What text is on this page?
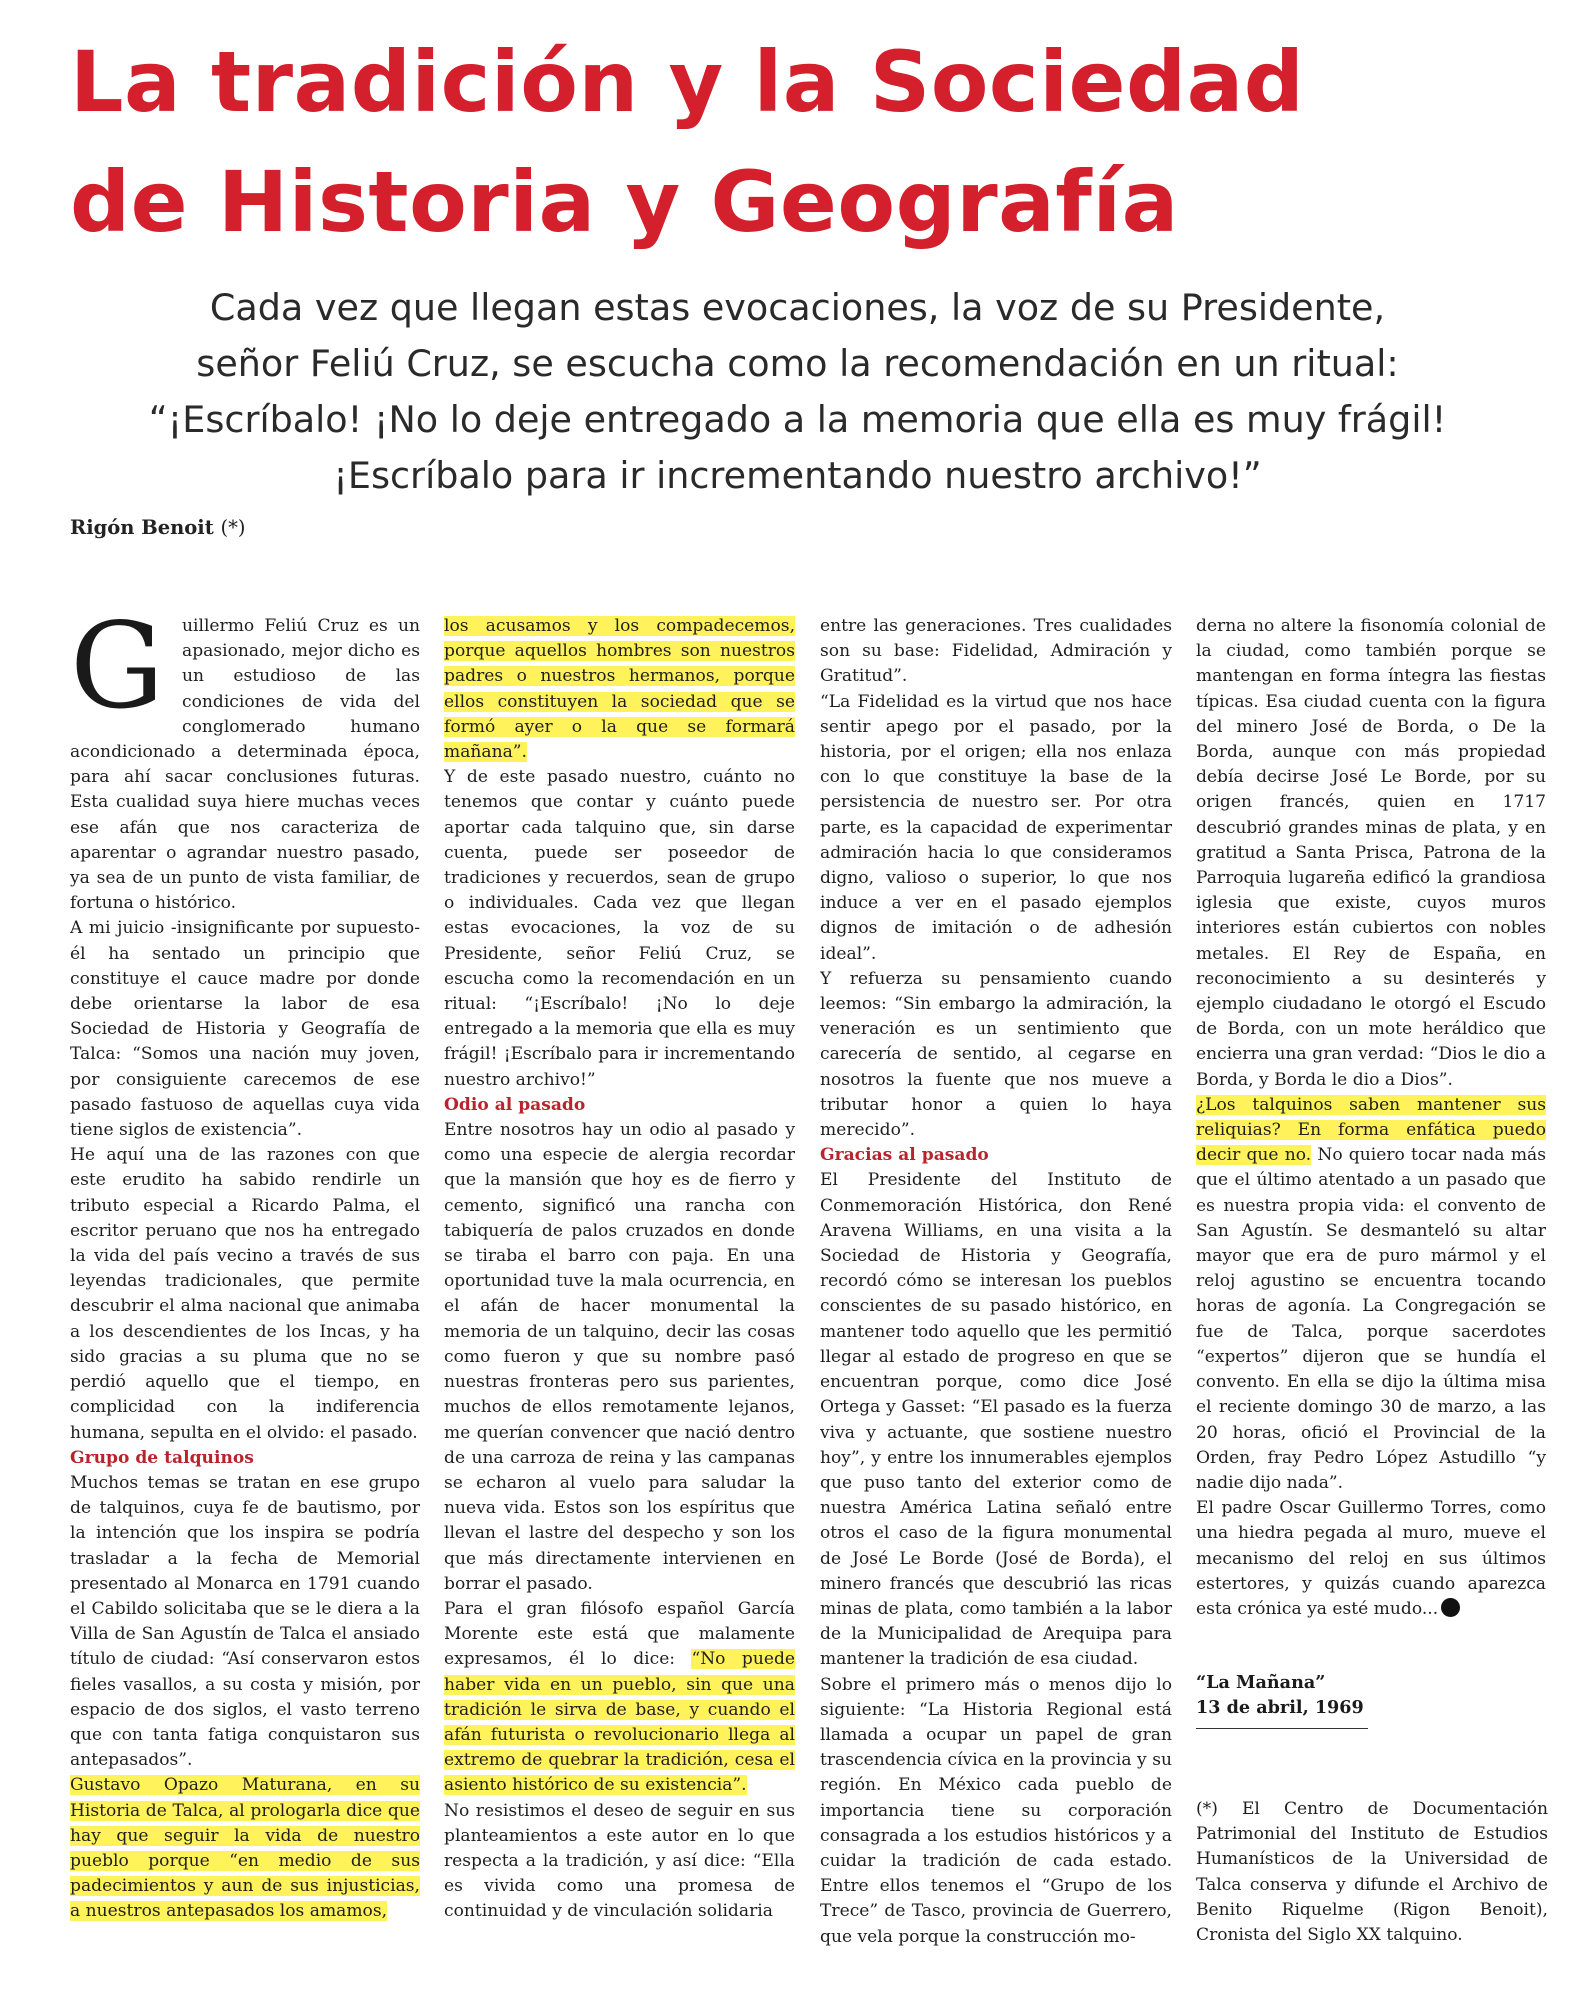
La tradición y la Sociedad
de Historia y Geografía
Cada vez que llegan estas evocaciones, la voz de su Presidente,
señor Feliú Cruz, se escucha como la recomendación en un ritual:
“¡Escríbalo! ¡No lo deje entregado a la memoria que ella es muy frágil!
¡Escríbalo para ir incrementando nuestro archivo!”
Rigón Benoit (*)

G	uillermo Feliú Cruz es un apasionado, mejor dicho es un estudioso de las condiciones de vida del conglomerado humano acondicionado a determinada época, para ahí sacar conclusiones futuras. Esta cualidad suya hiere muchas veces ese afán que nos caracteriza de aparentar o agrandar nuestro pasado, ya sea de un punto de vista familiar, de fortuna o histórico.

A mi juicio -insignificante por supuesto- él ha sentado un principio que constituye el cauce madre por donde debe orientarse la labor de esa Sociedad de Historia y Geografía de Talca: “Somos una nación muy joven, por consiguiente carecemos de ese pasado fastuoso de aquellas cuya vida tiene siglos de existencia”.

He aquí una de las razones con que este erudito ha sabido rendirle un tributo especial a Ricardo Palma, el escritor peruano que nos ha entregado la vida del país vecino a través de sus leyendas tradicionales, que permite descubrir el alma nacional que animaba a los descendientes de los Incas, y ha sido gracias a su pluma que no se perdió aquello que el tiempo, en complicidad con la indiferencia humana, sepulta en el olvido: el pasado.

Grupo de talquinos

Muchos temas se tratan en ese grupo de talquinos, cuya fe de bautismo, por la intención que los inspira se podría trasladar a la fecha de Memorial presentado al Monarca en 1791 cuando el Cabildo solicitaba que se le diera a la Villa de San Agustín de Talca el ansiado título de ciudad: “Así conservaron estos fieles vasallos, a su costa y misión, por espacio de dos siglos, el vasto terreno que con tanta fatiga conquistaron sus antepasados”.

Gustavo Opazo Maturana, en su Historia de Talca, al prologarla dice que hay que seguir la vida de nuestro pueblo porque “en medio de sus padecimientos y aun de sus injusticias, a nuestros antepasados los amamos,

los acusamos y los compadecemos, porque aquellos hombres son nuestros padres o nuestros hermanos, porque ellos constituyen la sociedad que se formó ayer o la que se formará mañana”.

Y de este pasado nuestro, cuánto no tenemos que contar y cuánto puede aportar cada talquino que, sin darse cuenta, puede ser poseedor de tradiciones y recuerdos, sean de grupo o individuales. Cada vez que llegan estas evocaciones, la voz de su Presidente, señor Feliú Cruz, se escucha como la recomendación en un ritual: “¡Escríbalo! ¡No lo deje entregado a la memoria que ella es muy frágil! ¡Escríbalo para ir incrementando nuestro archivo!”

Odio al pasado

Entre nosotros hay un odio al pasado y como una especie de alergia recordar que la mansión que hoy es de fierro y cemento, significó una rancha con tabiquería de palos cruzados en donde se tiraba el barro con paja. En una oportunidad tuve la mala ocurrencia, en el afán de hacer monumental la memoria de un talquino, decir las cosas como fueron y que su nombre pasó nuestras fronteras pero sus parientes, muchos de ellos remotamente lejanos, me querían convencer que nació dentro de una carroza de reina y las campanas se echaron al vuelo para saludar la nueva vida. Estos son los espíritus que llevan el lastre del despecho y son los que más directamente intervienen en borrar el pasado.

Para el gran filósofo español García Morente este está que malamente expresamos, él lo dice: “No puede haber vida en un pueblo, sin que una tradición le sirva de base, y cuando el afán futurista o revolucionario llega al extremo de quebrar la tradición, cesa el asiento histórico de su existencia”.

No resistimos el deseo de seguir en sus planteamientos a este autor en lo que respecta a la tradición, y así dice: “Ella es vivida como una promesa de continuidad y de vinculación solidaria

entre las generaciones. Tres cualidades son su base: Fidelidad, Admiración y Gratitud”.

“La Fidelidad es la virtud que nos hace sentir apego por el pasado, por la historia, por el origen; ella nos enlaza con lo que constituye la base de la persistencia de nuestro ser. Por otra parte, es la capacidad de experimentar admiración hacia lo que consideramos digno, valioso o superior, lo que nos induce a ver en el pasado ejemplos dignos de imitación o de adhesión ideal”.

Y refuerza su pensamiento cuando leemos: “Sin embargo la admiración, la veneración es un sentimiento que carecería de sentido, al cegarse en nosotros la fuente que nos mueve a tributar honor a quien lo haya merecido”.

Gracias al pasado

El Presidente del Instituto de Conmemoración Histórica, don René Aravena Williams, en una visita a la Sociedad de Historia y Geografía, recordó cómo se interesan los pueblos conscientes de su pasado histórico, en mantener todo aquello que les permitió llegar al estado de progreso en que se encuentran porque, como dice José Ortega y Gasset: “El pasado es la fuerza viva y actuante, que sostiene nuestro hoy”, y entre los innumerables ejemplos que puso tanto del exterior como de nuestra América Latina señaló entre otros el caso de la figura monumental de José Le Borde (José de Borda), el minero francés que descubrió las ricas minas de plata, como también a la labor de la Municipalidad de Arequipa para mantener la tradición de esa ciudad.

Sobre el primero más o menos dijo lo siguiente: “La Historia Regional está llamada a ocupar un papel de gran trascendencia cívica en la provincia y su región. En México cada pueblo de importancia tiene su corporación consagrada a los estudios históricos y a cuidar la tradición de cada estado. Entre ellos tenemos el “Grupo de los Trece” de Tasco, provincia de Guerrero, que vela porque la construcción mo-

derna no altere la fisonomía colonial de la ciudad, como también porque se mantengan en forma íntegra las fiestas típicas. Esa ciudad cuenta con la figura del minero José de Borda, o De la Borda, aunque con más propiedad debía decirse José Le Borde, por su origen francés, quien en 1717 descubrió grandes minas de plata, y en gratitud a Santa Prisca, Patrona de la Parroquia lugareña edificó la grandiosa iglesia que existe, cuyos muros interiores están cubiertos con nobles metales. El Rey de España, en reconocimiento a su desinterés y ejemplo ciudadano le otorgó el Escudo de Borda, con un mote heráldico que encierra una gran verdad: “Dios le dio a Borda, y Borda le dio a Dios”.

¿Los talquinos saben mantener sus reliquias? En forma enfática puedo decir que no. No quiero tocar nada más que el último atentado a un pasado que es nuestra propia vida: el convento de San Agustín. Se desmanteló su altar mayor que era de puro mármol y el reloj agustino se encuentra tocando horas de agonía. La Congregación se fue de Talca, porque sacerdotes “expertos” dijeron que se hundía el convento. En ella se dijo la última misa el reciente domingo 30 de marzo, a las 20 horas, ofició el Provincial de la Orden, fray Pedro López Astudillo “y nadie dijo nada”.

El padre Oscar Guillermo Torres, como una hiedra pegada al muro, mueve el mecanismo del reloj en sus últimos estertores, y quizás cuando aparezca esta crónica ya esté mudo...

“La Mañana”
13 de abril, 1969
(*) El Centro de Documentación Patrimonial del Instituto de Estudios Humanísticos de la Universidad de Talca conserva y difunde el Archivo de Benito Riquelme (Rigon Benoit), Cronista del Siglo XX talquino.
